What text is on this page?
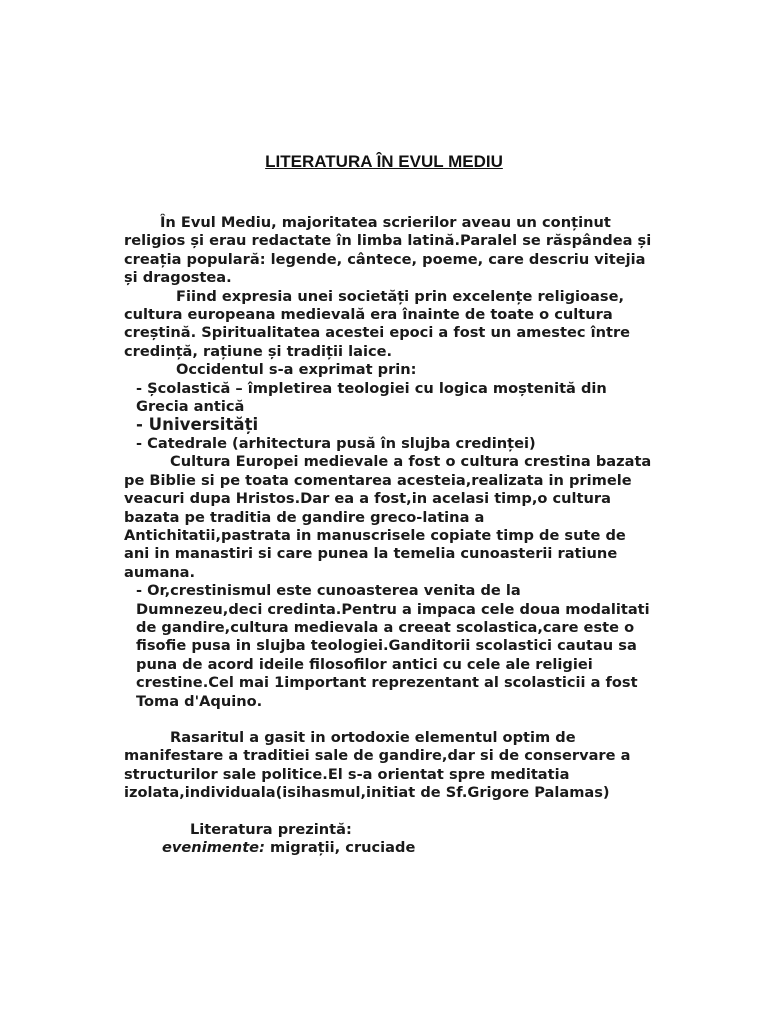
LITERATURA ÎN EVUL MEDIU

În Evul Mediu, majoritatea scrierilor aveau un conținut religios și erau redactate în limba latină.Paralel se răspândea și creația populară: legende, cântece, poeme, care descriu vitejia și dragostea.

Fiind expresia unei societăți prin excelențe religioase, cultura europeana medievală era înainte de toate o cultura creștină. Spiritualitatea acestei epoci a fost un amestec între credință, rațiune și tradiții laice.

Occidentul s-a exprimat prin:

- Școlastică – împletirea teologiei cu logica moștenită din Grecia antică

- Universități

- Catedrale (arhitectura pusă în slujba credinței)

Cultura Europei medievale a fost o cultura crestina bazata pe Biblie si pe toata comentarea acesteia,realizata in primele veacuri dupa Hristos.Dar ea a fost,in acelasi timp,o cultura bazata pe traditia de gandire greco-latina a Antichitatii,pastrata in manuscrisele copiate timp de sute de ani in manastiri si care punea la temelia cunoasterii ratiune aumana.

- Or,crestinismul este cunoasterea venita de la Dumnezeu,deci credinta.Pentru a impaca cele doua modalitati de gandire,cultura medievala a creeat scolastica,care este o fisofie pusa in slujba teologiei.Ganditorii scolastici cautau sa puna de acord ideile filosofilor antici cu cele ale religiei crestine.Cel mai 1important reprezentant al scolasticii a fost Toma d'Aquino.

Rasaritul a gasit in ortodoxie elementul optim de manifestare a traditiei sale de gandire,dar si de conservare a structurilor sale politice.El s-a orientat spre meditatia izolata,individuala(isihasmul,initiat de Sf.Grigore Palamas)

Literatura prezintă:

evenimente: migrații, cruciade
